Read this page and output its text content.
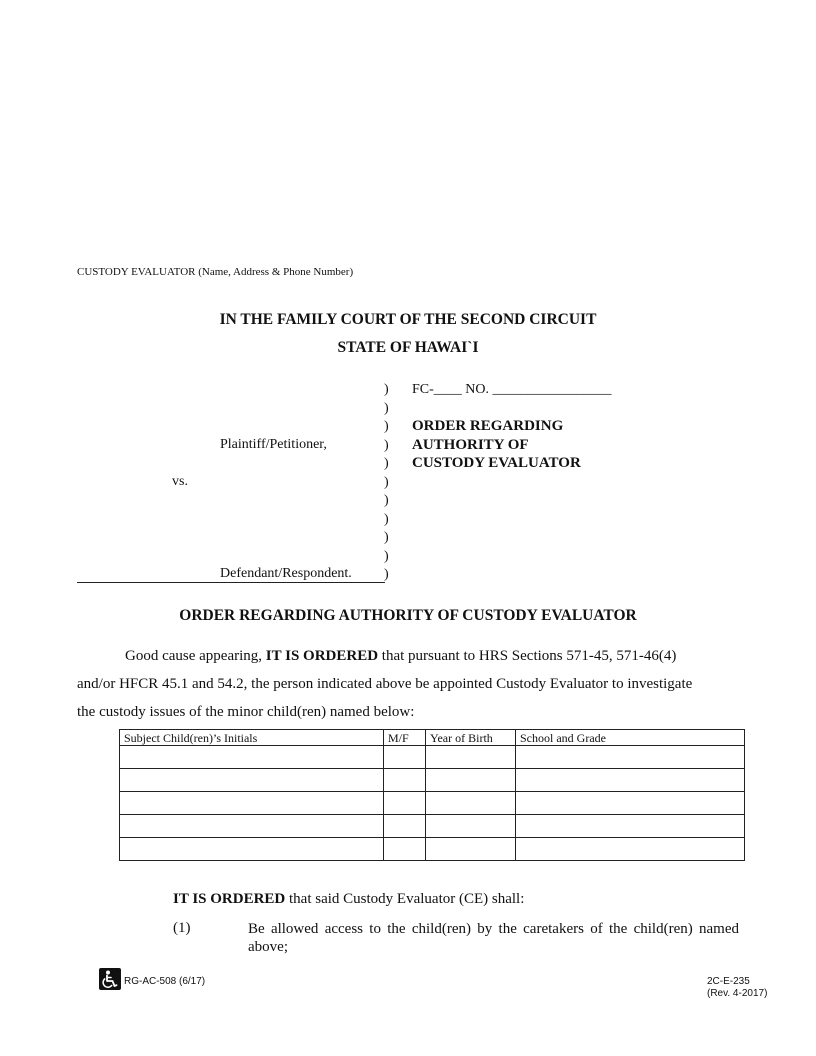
CUSTODY EVALUATOR (Name, Address & Phone Number)
IN THE FAMILY COURT OF THE SECOND CIRCUIT
STATE OF HAWAI`I
Plaintiff/Petitioner,
vs.
Defendant/Respondent.
)
)
)
)
)
)
)
)
)
)
)
FC-____ NO. _________________
ORDER REGARDING
AUTHORITY OF
CUSTODY EVALUATOR
ORDER REGARDING AUTHORITY OF CUSTODY EVALUATOR
Good cause appearing, IT IS ORDERED that pursuant to HRS Sections 571-45, 571-46(4)
and/or HFCR 45.1 and 54.2, the person indicated above be appointed Custody Evaluator to investigate
the custody issues of the minor child(ren) named below:
Subject Child(ren)’s Initials	M/F	Year of Birth	School and Grade

IT IS ORDERED that said Custody Evaluator (CE) shall:
(1)	Be allowed access to the child(ren) by the caretakers of the child(ren) named
above;
RG-AC-508 (6/17)	2C-E-235
(Rev. 4-2017)
